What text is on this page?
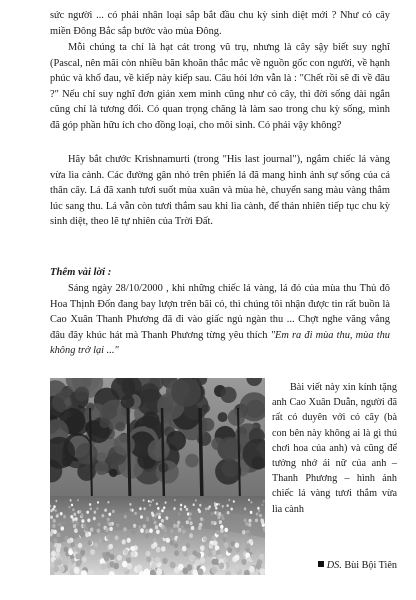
sức người ... có phải nhân loại sắp bắt đầu chu kỳ sinh diệt mới ? Như cỏ cây miền Đông Bắc sắp bước vào mùa Đông.

Mỗi chúng ta chỉ là hạt cát trong vũ trụ, nhưng là cây sậy biết suy nghĩ (Pascal, nên mãi còn nhiều băn khoăn thắc mắc về nguồn gốc con người, về hạnh phúc và khổ đau, về kiếp này kiếp sau. Câu hỏi lớn vẫn là : "Chết rồi sẽ đi về đâu ?" Nếu chỉ suy nghĩ đơn giản xem mình cũng như cỏ cây, thì đời sống dài ngắn cũng chỉ là tương đối. Có quan trọng chăng là làm sao trong chu kỳ sống, mình đã góp phần hữu ích cho đồng loại, cho môi sinh. Có phải vậy không?

Hãy bắt chước Krishnamurti (trong "His last journal"), ngắm chiếc lá vàng vừa lìa cành. Các đường gân nhỏ trên phiến lá đã mang hình ảnh sự sống của cả thân cây. Lá đã xanh tươi suốt mùa xuân và mùa hè, chuyển sang màu vàng thắm lúc sang thu. Lá vẫn còn tươi thắm sau khi lìa cành, để thản nhiên tiếp tục chu kỳ sinh diệt, theo lẽ tự nhiên của Trời Đất.

Thêm vài lời :

Sáng ngày 28/10/2000 , khi những chiếc lá vàng, lá đỏ của mùa thu Thủ đô Hoa Thịnh Đốn đang bay lượn trên bãi cỏ, thì chúng tôi nhận được tin rất buồn là Cao Xuân Thanh Phương đã đi vào giấc ngủ ngàn thu ... Chợt nghe văng vẳng đâu đây khúc hát mà Thanh Phương từng yêu thích "Em ra đi mùa thu, mùa thu không trở lại ..."

Bài viết này xin kính tặng anh Cao Xuân Duẫn, người đã rất có duyên với cỏ cây (bà con bên này không ai là gì thú chơi hoa của anh) và cũng để tưởng nhớ ái nữ của anh – Thanh Phương – hình ảnh chiếc lá vàng tươi thắm vừa lìa cành

DS. Bùi Bội Tiên
